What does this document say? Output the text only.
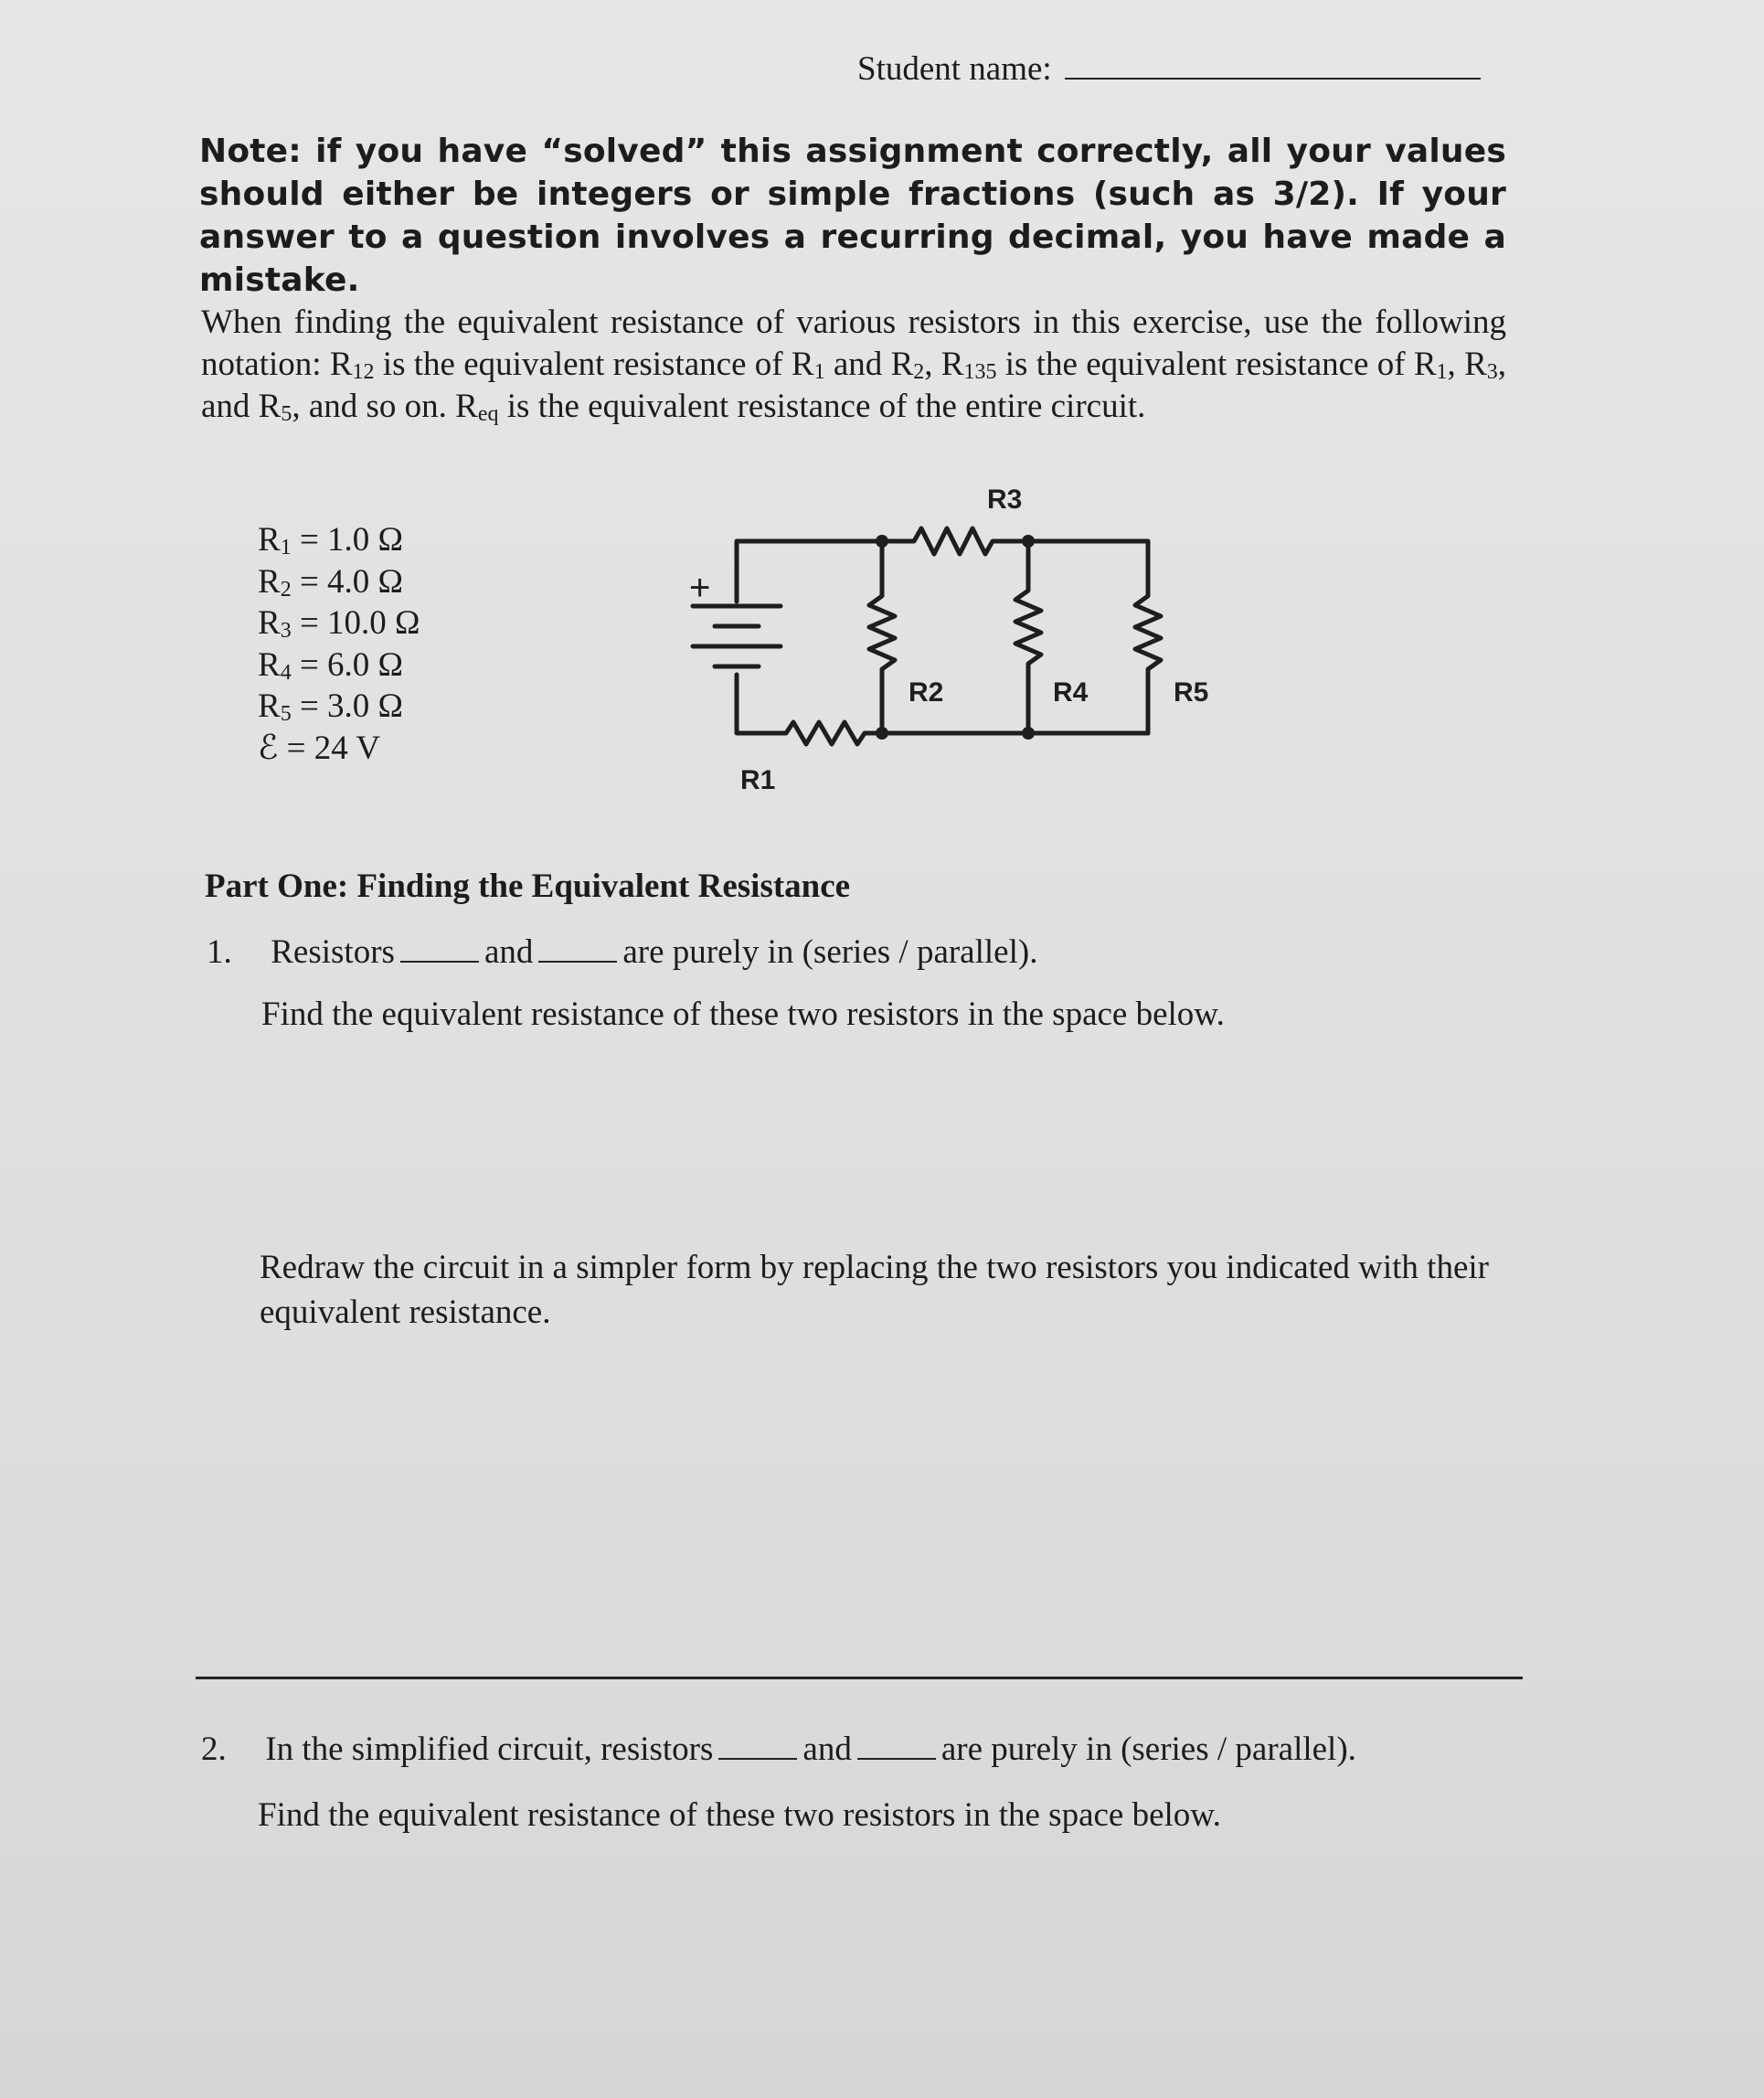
Student name:
Note: if you have “solved” this assignment correctly, all your values should either be integers or simple fractions (such as 3/2). If your answer to a question involves a recurring decimal, you have made a mistake.
When finding the equivalent resistance of various resistors in this exercise, use the following notation: $R_{12}$ is the equivalent resistance of $R_1$ and $R_2$, $R_{135}$ is the equivalent resistance of $R_1$, $R_3$, and $R_5$, and so on. $R_{eq}$ is the equivalent resistance of the entire circuit.
$R_1 = 1.0$ Ω
$R_2 = 4.0$ Ω
$R_3 = 10.0$ Ω
$R_4 = 6.0$ Ω
$R_5 = 3.0$ Ω
ℰ = 24 V
+
R3
R2	R4	R5
R1
Part One: Finding the Equivalent Resistance
1. Resistors	and	are purely in (series / parallel).
Find the equivalent resistance of these two resistors in the space below.
Redraw the circuit in a simpler form by replacing the two resistors you indicated with their equivalent resistance.
2. In the simplified circuit, resistors	and	are purely in (series / parallel).
Find the equivalent resistance of these two resistors in the space below.
